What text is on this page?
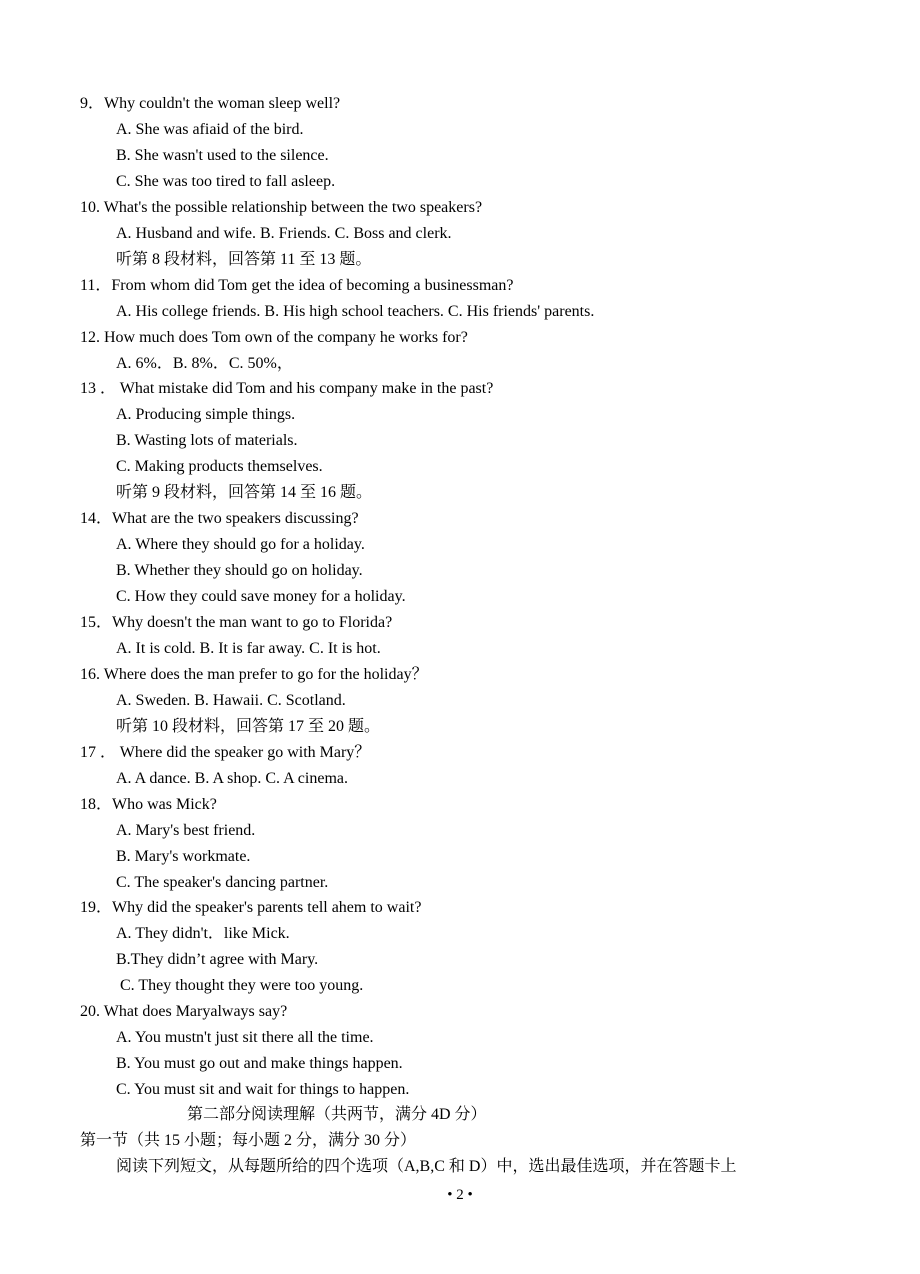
9．Why couldn't the woman sleep well?
A. She was afiaid of the bird.
B. She wasn't used to the silence.
C. She was too tired to fall asleep.
10. What's the possible relationship between the two speakers?
A. Husband and wife. B. Friends. C. Boss and clerk.
听第 8 段材料，回答第 11 至 13 题。
11．From whom did Tom get the idea of becoming a businessman?
A. His college friends. B. His high school teachers. C. His friends' parents.
12. How much does Tom own of the company he works for?
A. 6%．B. 8%．C. 50%，
13 ． What mistake did Tom and his company make in the past?
A. Producing simple things.
B. Wasting lots of materials.
C. Making products themselves.
听第 9 段材料，回答第 14 至 16 题。
14．What are the two speakers discussing?
A. Where they should go for a holiday.
B. Whether they should go on holiday.
C. How they could save money for a holiday.
15．Why doesn't the man want to go to Florida?
A. It is cold. B. It is far away. C. It is hot.
16. Where does the man prefer to go for the holiday？
A. Sweden. B. Hawaii. C. Scotland.
听第 10 段材料，回答第 17 至 20 题。
17 ． Where did the speaker go with Mary？
A. A dance. B. A shop. C. A cinema.
18．Who was Mick?
A. Mary's best friend.
B. Mary's workmate.
C. The speaker's dancing partner.
19．Why did the speaker's parents tell ahem to wait?
A. They didn't．like Mick.
B.They didn’t agree with Mary.
C. They thought they were too young.
20. What does Maryalways say?
A. You mustn't just sit there all the time.
B. You must go out and make things happen.
C. You must sit and wait for things to happen.
第二部分阅读理解（共两节，满分 4D 分）
第一节（共 15 小题；每小题 2 分，满分 30 分）
阅读下列短文，从每题所给的四个选项（A,B,C 和 D）中，选出最佳选项，并在答题卡上
• 2 •
